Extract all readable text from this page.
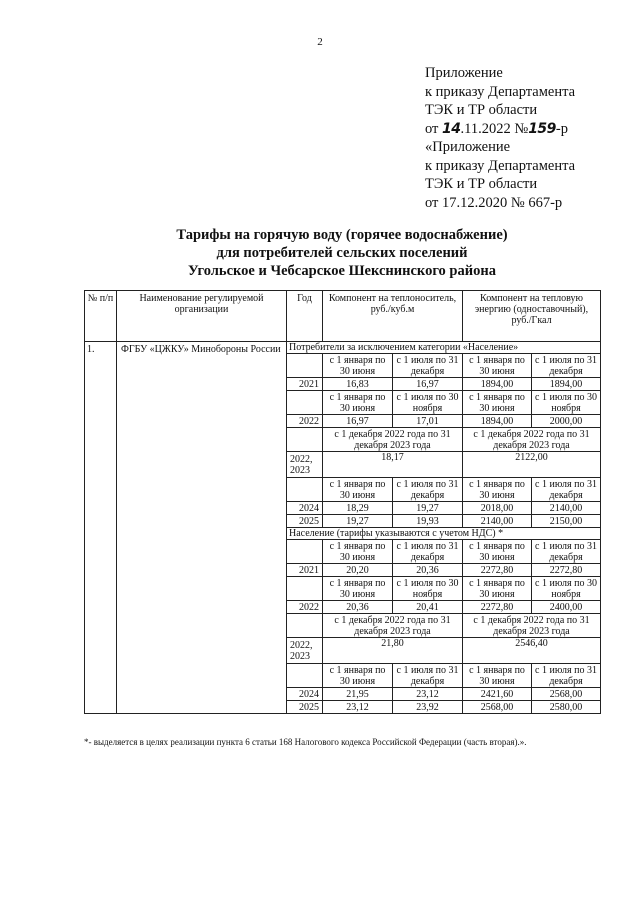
2
Приложение
к приказу Департамента
ТЭК и ТР области
от 14.11.2022 №159-р
«Приложение
к приказу Департамента
ТЭК и ТР области
от 17.12.2020 № 667-р
Тарифы на горячую воду (горячее водоснабжение)
для потребителей сельских поселений
Угольское и Чебсарское Шекснинского района
№ п/п	Наименование регулируемой организации	Год	Компонент на теплоноситель, руб./куб.м		Компонент на тепловую энергию (одноставочный), руб./Гкал	
1.	ФГБУ «ЦЖКУ» Минобороны России	Потребители за исключением категории «Население»				
			с 1 января по 30 июня	с 1 июля по 31 декабря	с 1 января по 30 июня	с 1 июля по 31 декабря
		2021	16,83	16,97	1894,00	1894,00
			с 1 января по 30 июня	с 1 июля по 30 ноября	с 1 января по 30 июня	с 1 июля по 30 ноября
		2022	16,97	17,01	1894,00	2000,00
			с 1 декабря 2022 года по 31 декабря 2023 года		с 1 декабря 2022 года по 31 декабря 2023 года	
		2022, 2023	18,17		2122,00	
			с 1 января по 30 июня	с 1 июля по 31 декабря	с 1 января по 30 июня	с 1 июля по 31 декабря
		2024	18,29	19,27	2018,00	2140,00
		2025	19,27	19,93	2140,00	2150,00
		Население (тарифы указываются с учетом НДС) *				
			с 1 января по 30 июня	с 1 июля по 31 декабря	с 1 января по 30 июня	с 1 июля по 31 декабря
		2021	20,20	20,36	2272,80	2272,80
			с 1 января по 30 июня	с 1 июля по 30 ноября	с 1 января по 30 июня	с 1 июля по 30 ноября
		2022	20,36	20,41	2272,80	2400,00
			с 1 декабря 2022 года по 31 декабря 2023 года		с 1 декабря 2022 года по 31 декабря 2023 года	
		2022, 2023	21,80		2546,40	
			с 1 января по 30 июня	с 1 июля по 31 декабря	с 1 января по 30 июня	с 1 июля по 31 декабря
		2024	21,95	23,12	2421,60	2568,00
		2025	23,12	23,92	2568,00	2580,00
*- выделяется в целях реализации пункта 6 статьи 168 Налогового кодекса Российской Федерации (часть вторая).».
